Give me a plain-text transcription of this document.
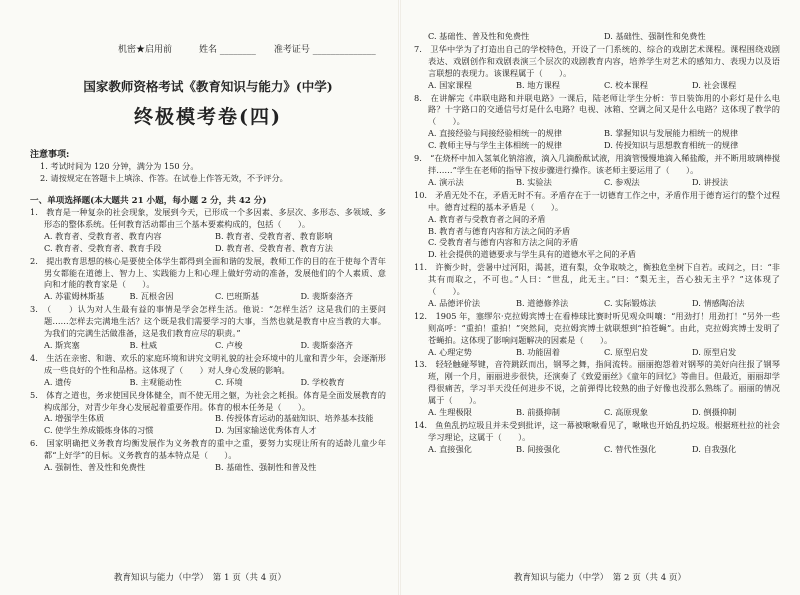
机密★启用前　　　	姓名 ________　　准考证号 ______________
国家教师资格考试《教育知识与能力》(中学)
终极模考卷(四)
注意事项:
1. 考试时间为 120 分钟，满分为 150 分。
2. 请按规定在答题卡上填涂、作答。在试卷上作答无效，不予评分。
一、单项选择题(本大题共 21 小题，每小题 2 分，共 42 分)
1.　教育是一种复杂的社会现象，发展到今天，已形成一个多因素、多层次、多形态、多领域、多形态的整体系统。任何教育活动都由三个基本要素构成的，包括（　　）。
A. 教育者、受教育者、教育内容	B. 教育者、受教育者、教育影响
C. 教育者、受教育者、教育手段	D. 教育者、受教育者、教育方法
2.　提出教育思想的核心是要使全体学生都得到全面和谐的发展，教师工作的目的在于使每个青年男女都能在道德上、智力上、实践能力上和心理上做好劳动的准备，发展他们的个人素质、意向和才能的教育家是（　　）。
A. 苏霍姆林斯基	B. 瓦根舍因	C. 巴班斯基	D. 裴斯泰洛齐
3.　（　　）认为对人生最有益的事情是学会怎样生活。他说：“怎样生活？这是我们的主要问题……怎样去完满地生活？这个既是我们需要学习的大事，当然也就是教育中应当教的大事。为我们的完满生活做准备，这是我们教育应尽的职责。”
A. 斯宾塞	B. 杜威	C. 卢梭	D. 裴斯泰洛齐
4.　生活在亲密、和谐、欢乐的家庭环境和讲究文明礼貌的社会环境中的儿童和青少年，会逐渐形成一些良好的个性和品格。这体现了（　　）对人身心发展的影响。
A. 遗传	B. 主观能动性	C. 环境	D. 学校教育
5.　体育之道也，务求使国民身体健全，而不使无用之躯，为社会之耗损。体育是全面发展教育的构成部分，对青少年身心发展起着重要作用。体育的根本任务是（　　）。
A. 增强学生体质	B. 传授体育运动的基础知识、培养基本技能
C. 使学生养成锻炼身体的习惯	D. 为国家输送优秀体育人才
6.　国家明确把义务教育均衡发展作为义务教育的重中之重，要努力实现让所有的适龄儿童少年都“上好学”的目标。义务教育的基本特点是（　　）。
A. 强制性、普及性和免费性	B. 基础性、强制性和普及性
教育知识与能力（中学）　第 1 页（共 4 页）
C. 基础性、普及性和免费性	D. 基础性、强制性和免费性
7.　卫华中学为了打造出自己的学校特色，开设了一门系统的、综合的戏剧艺术课程。课程围绕戏剧表达、戏剧创作和戏剧表演三个层次的戏剧教育内容，培养学生对艺术的感知力、表现力以及语言联想的表现力。该课程属于（　　）。
A. 国家课程	B. 地方课程	C. 校本课程	D. 社会课程
8.　在讲解完《串联电路和并联电路》一课后，陆老师让学生分析：节日装饰用的小彩灯是什么电路？十字路口的交通信号灯是什么电路？电视、冰箱、空调之间又是什么电路？这体现了教学的（　　）。
A. 直接经验与间接经验相统一的规律	B. 掌握知识与发展能力相统一的规律
C. 教师主导与学生主体相统一的规律	D. 传授知识与思想教育相统一的规律
9.　“在烧杯中加入氢氧化钠溶液，滴入几滴酚酞试液，用滴管慢慢地滴入稀盐酸，并不断用玻璃棒搅拌……”学生在老师的指导下按步骤进行操作。该老师主要运用了（　　）。
A. 演示法	B. 实验法	C. 参观法	D. 讲授法
10.　矛盾无处不在，矛盾无时不有。矛盾存在于一切德育工作之中，矛盾作用于德育运行的整个过程中。德育过程的基本矛盾是（　　）。
A. 教育者与受教育者之间的矛盾
B. 教育者与德育内容和方法之间的矛盾
C. 受教育者与德育内容和方法之间的矛盾
D. 社会提供的道德要求与学生具有的道德水平之间的矛盾
11.　许衡少时，尝暑中过河阳，渴甚，道有梨，众争取啖之，衡独危坐树下自若。或问之，曰：“非其有而取之，不可也。”人曰：“世乱，此无主。”曰：“梨无主，吾心独无主乎？”这体现了（　　）。
A. 品德评价法	B. 道德修养法	C. 实际锻炼法	D. 情感陶冶法
12.　1905 年，塞缪尔·克拉姆宾博士在看棒球比赛时听见观众叫嚷：“用劲打！用劲打！”另外一些则高呼：“重拍！重拍！”突然间，克拉姆宾博士就联想到“拍苍蝇”。由此，克拉姆宾博士发明了苍蝇拍。这体现了影响问题解决的因素是（　　）。
A. 心理定势	B. 功能固着	C. 原型启发	D. 原型启发
13.　轻轻触碰琴键，音符跳跃而出，钢琴之舞，指间流转。丽丽抱怨着对钢琴的美好向往报了钢琴班，刚一个月，丽丽进步很快，还演奏了《致爱丽丝》《童年的回忆》等曲目。但最近，丽丽却学得很痛苦，学习半天没任何进步不说，之前弹得比较熟的曲子好像也没那么熟练了。丽丽的情况属于（　　）。
A. 生理极限	B. 前摄抑制	C. 高原现象	D. 倒摄抑制
14.　鱼鱼乱扔垃圾且并未受到批评，这一幕被啾啾看见了，啾啾也开始乱扔垃圾。根据班杜拉的社会学习理论，这属于（　　）。
A. 直接强化	B. 间接强化	C. 替代性强化	D. 自我强化
教育知识与能力（中学）　第 2 页（共 4 页）
